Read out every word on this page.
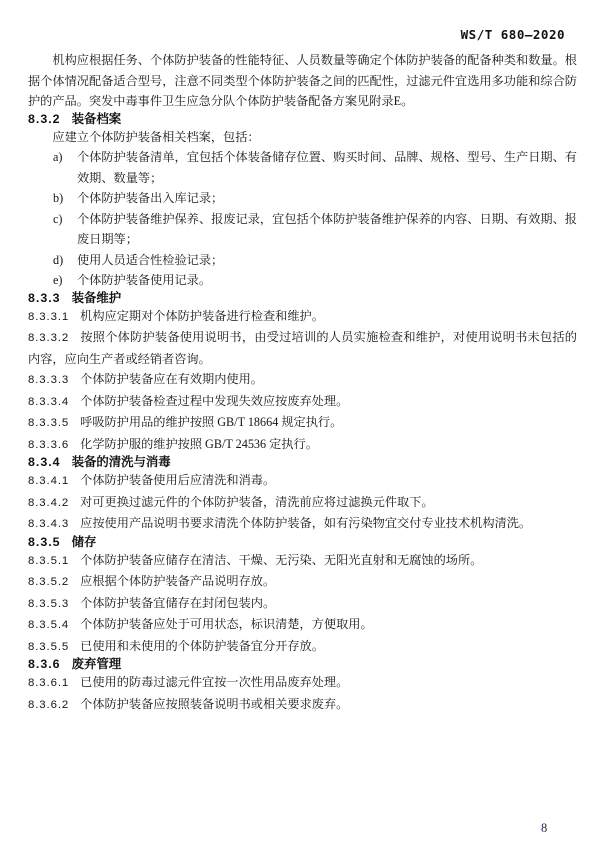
WS/T 680—2020

机构应根据任务、个体防护装备的性能特征、人员数量等确定个体防护装备的配备种类和数量。根据个体情况配备适合型号，注意不同类型个体防护装备之间的匹配性，过滤元件宜选用多功能和综合防护的产品。突发中毒事件卫生应急分队个体防护装备配备方案见附录E。

8.3.2 装备档案

应建立个体防护装备相关档案，包括：

a) 个体防护装备清单，宜包括个体装备储存位置、购买时间、品牌、规格、型号、生产日期、有效期、数量等；
b) 个体防护装备出入库记录；
c) 个体防护装备维护保养、报废记录，宜包括个体防护装备维护保养的内容、日期、有效期、报废日期等；
d) 使用人员适合性检验记录；
e) 个体防护装备使用记录。

8.3.3 装备维护

8.3.3.1 机构应定期对个体防护装备进行检查和维护。

8.3.3.2 按照个体防护装备使用说明书，由受过培训的人员实施检查和维护，对使用说明书未包括的内容，应向生产者或经销者咨询。

8.3.3.3 个体防护装备应在有效期内使用。

8.3.3.4 个体防护装备检查过程中发现失效应按废弃处理。

8.3.3.5 呼吸防护用品的维护按照 GB/T 18664 规定执行。

8.3.3.6 化学防护服的维护按照 GB/T 24536 定执行。

8.3.4 装备的清洗与消毒

8.3.4.1 个体防护装备使用后应清洗和消毒。

8.3.4.2 对可更换过滤元件的个体防护装备，清洗前应将过滤换元件取下。

8.3.4.3 应按使用产品说明书要求清洗个体防护装备，如有污染物宜交付专业技术机构清洗。

8.3.5 储存

8.3.5.1 个体防护装备应储存在清洁、干燥、无污染、无阳光直射和无腐蚀的场所。

8.3.5.2 应根据个体防护装备产品说明存放。

8.3.5.3 个体防护装备宜储存在封闭包装内。

8.3.5.4 个体防护装备应处于可用状态，标识清楚，方便取用。

8.3.5.5 已使用和未使用的个体防护装备宜分开存放。

8.3.6 废弃管理

8.3.6.1 已使用的防毒过滤元件宜按一次性用品废弃处理。

8.3.6.2 个体防护装备应按照装备说明书或相关要求废弃。

8
